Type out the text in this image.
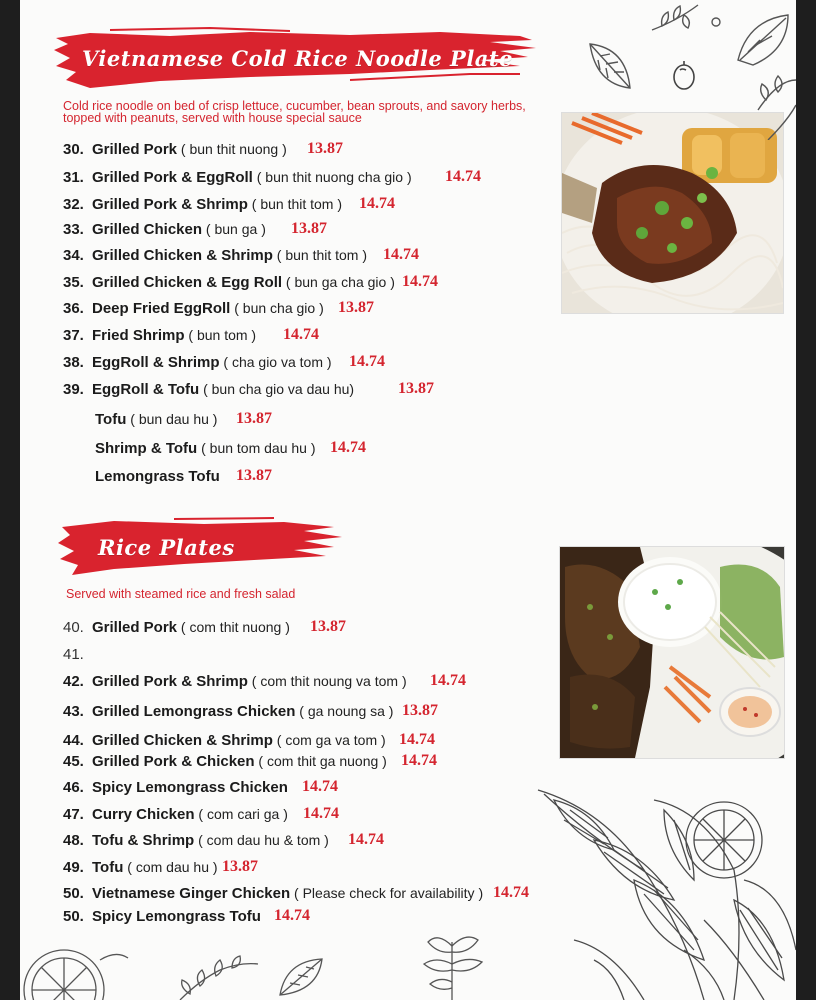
Vietnamese Cold Rice Noodle Plate
Cold rice noodle on bed of crisp lettuce, cucumber, bean sprouts, and savory herbs,
topped with peanuts, served with house special sauce
30. Grilled Pork ( bun thit nuong ) 13.87
31. Grilled Pork & EggRoll ( bun thit nuong cha gio ) 14.74
32. Grilled Pork & Shrimp ( bun thit tom ) 14.74
33. Grilled Chicken ( bun ga ) 13.87
34. Grilled Chicken & Shrimp ( bun thit tom ) 14.74
35. Grilled Chicken & Egg Roll ( bun ga cha gio ) 14.74
36. Deep Fried EggRoll ( bun cha gio ) 13.87
37. Fried Shrimp ( bun tom ) 14.74
38. EggRoll & Shrimp ( cha gio va tom ) 14.74
39. EggRoll & Tofu ( bun cha gio va dau hu)	13.87
Tofu ( bun dau hu ) 13.87
Shrimp & Tofu ( bun tom dau hu ) 14.74
Lemongrass Tofu 13.87
Rice Plates
Served with steamed rice and fresh salad
40. Grilled Pork ( com thit nuong ) 13.87
41.
42. Grilled Pork & Shrimp ( com thit noung va tom ) 14.74
43. Grilled Lemongrass Chicken ( ga noung sa ) 13.87
44. Grilled Chicken & Shrimp ( com ga va tom ) 14.74
45. Grilled Pork & Chicken ( com thit ga nuong ) 14.74
46. Spicy Lemongrass Chicken 14.74
47. Curry Chicken ( com cari ga ) 14.74
48. Tofu & Shrimp ( com dau hu & tom ) 14.74
49. Tofu ( com dau hu ) 13.87
50. Vietnamese Ginger Chicken ( Please check for availability ) 14.74
50. Spicy Lemongrass Tofu 14.74
